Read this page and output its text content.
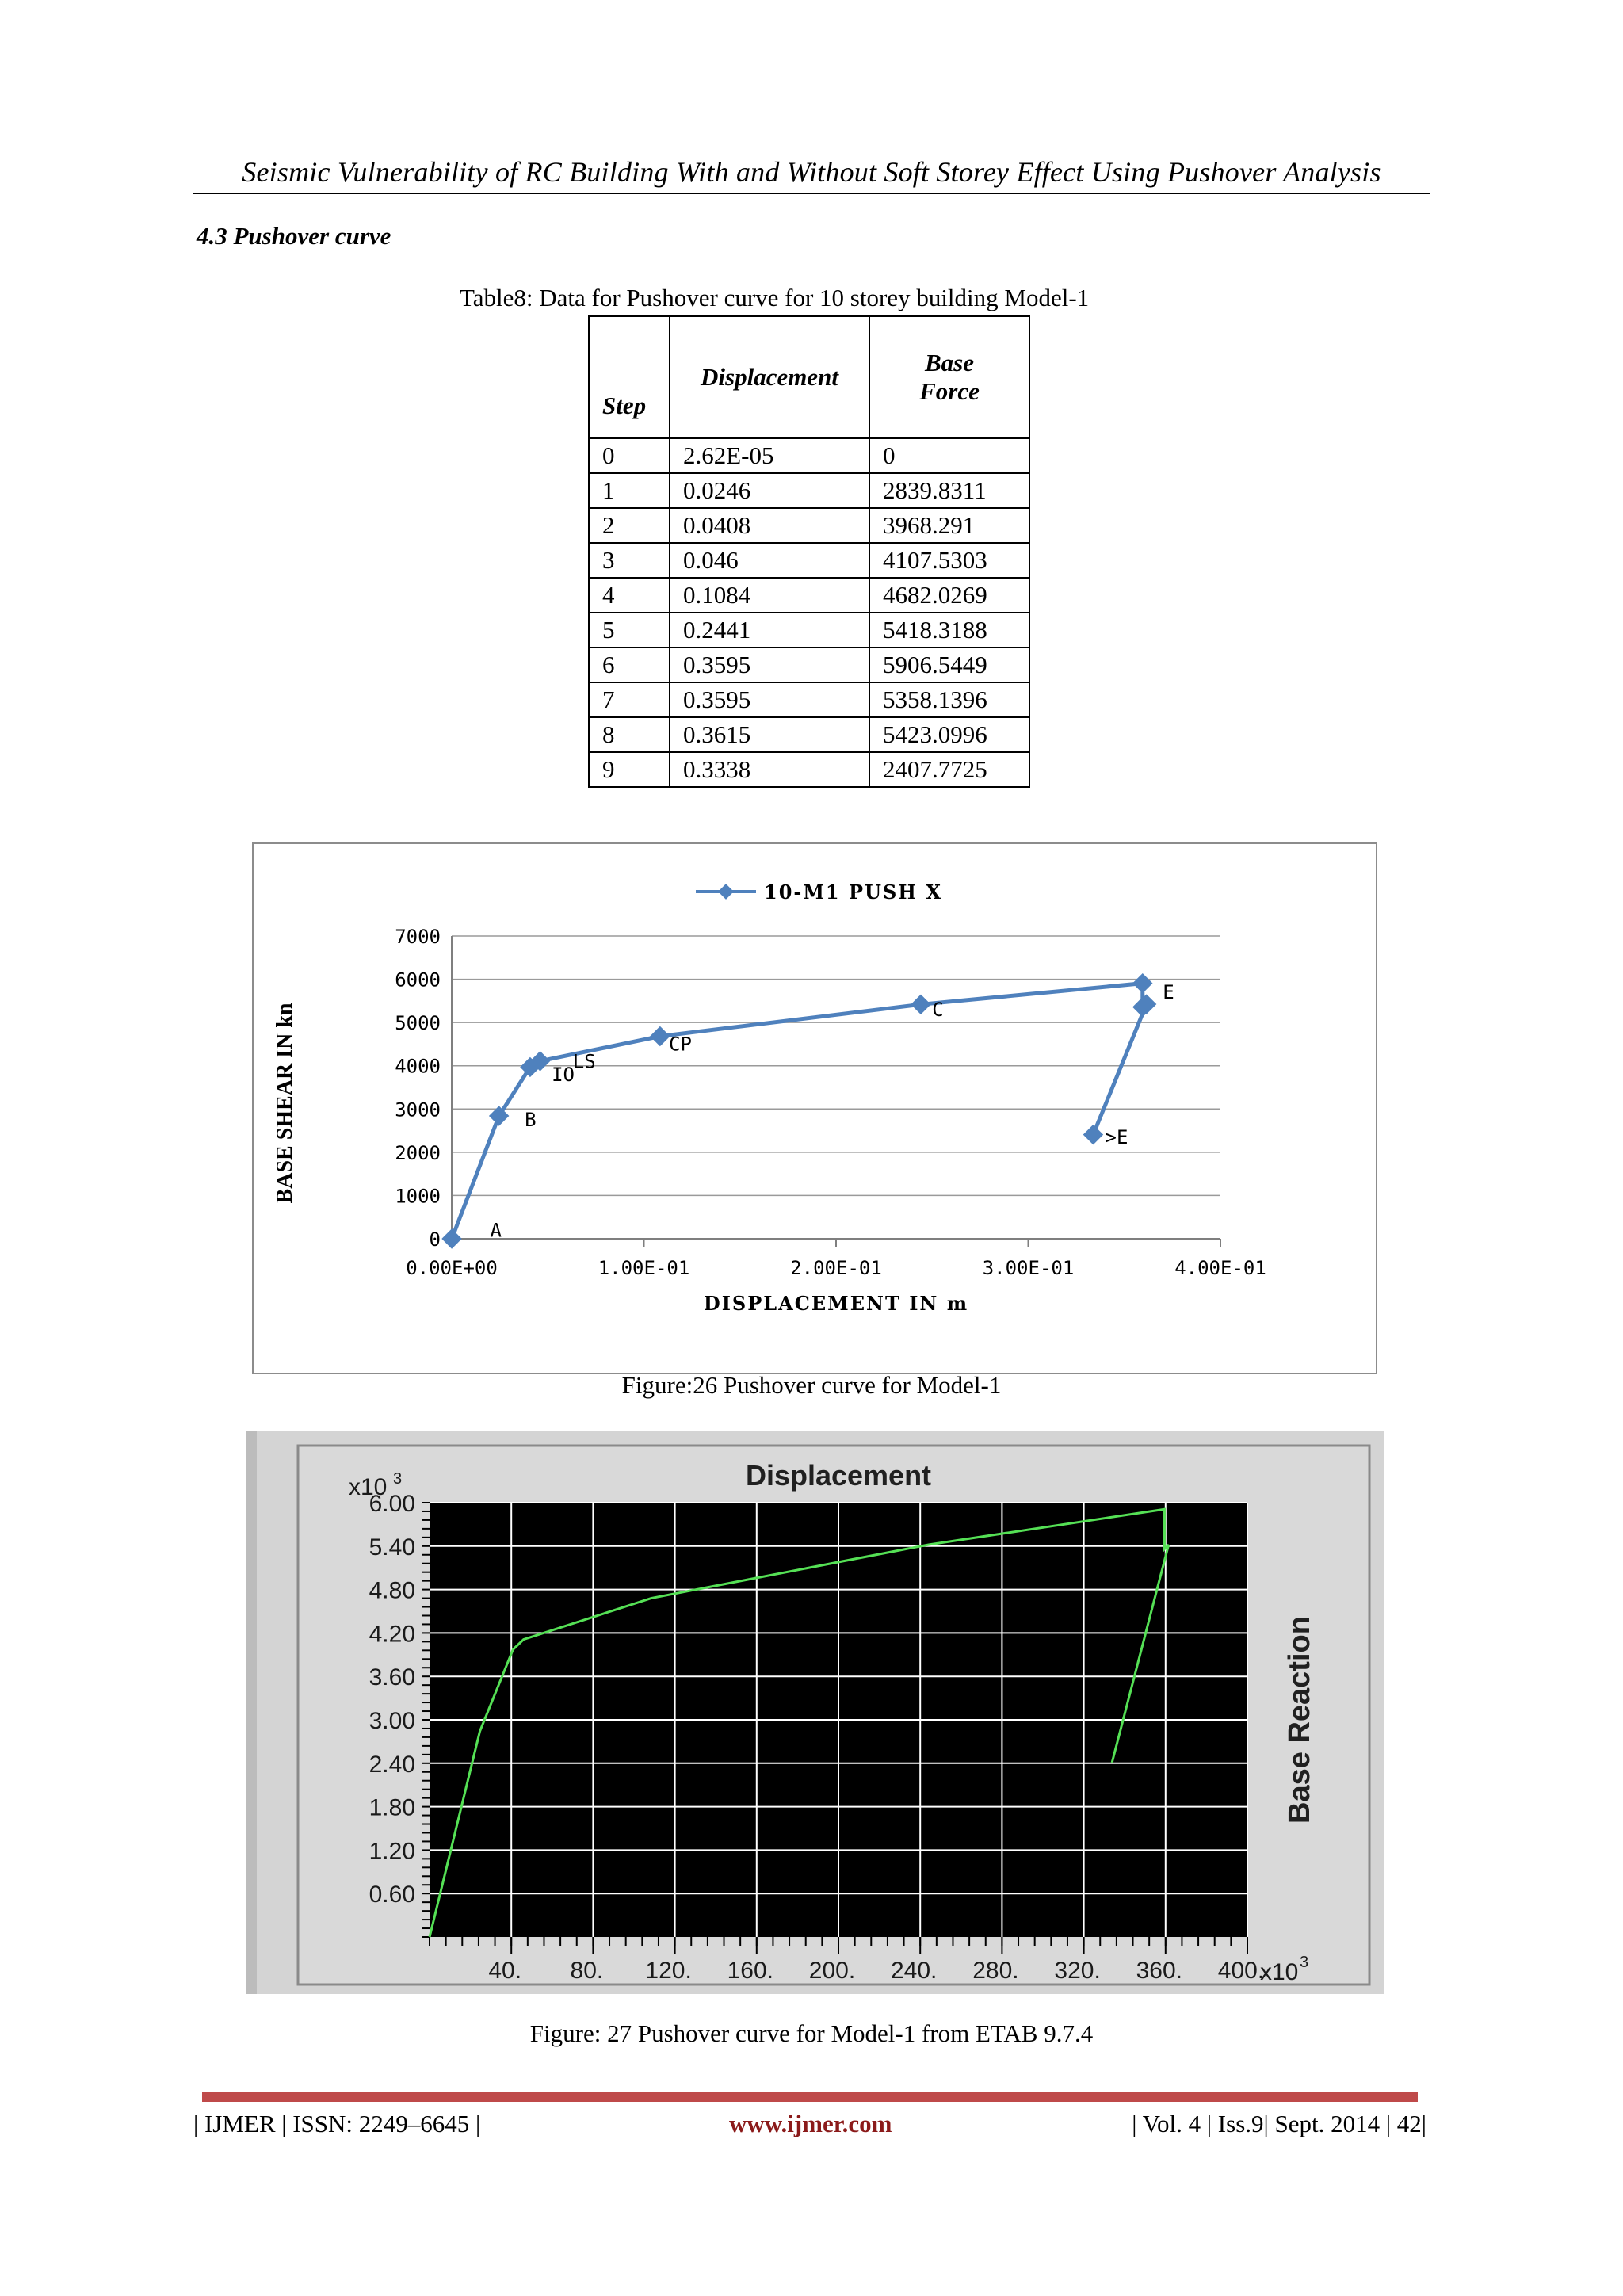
Seismic Vulnerability of RC Building With and Without Soft Storey Effect Using Pushover Analysis
4.3 Pushover curve
Table8: Data for Pushover curve for 10 storey building Model-1
Step	Displacement	Base
Force
0	2.62E-05	0
1	0.0246	2839.8311
2	0.0408	3968.291
3	0.046	4107.5303
4	0.1084	4682.0269
5	0.2441	5418.3188
6	0.3595	5906.5449
7	0.3595	5358.1396
8	0.3615	5423.0996
9	0.3338	2407.7725
10-M1 PUSH X
0
1000
2000
3000
4000
5000
6000
7000
0.00E+00	1.00E-01	2.00E-01	3.00E-01	4.00E-01
DISPLACEMENT IN m
BASE SHEAR IN kn
A
B
IO
LS
CP
C
E
>E
Figure:26 Pushover curve for Model-1
Displacement
0.60
1.20
1.80
2.40
3.00
3.60
4.20
4.80
5.40
6.00
x10 3
40. 80. 120. 160. 200. 240. 280. 320. 360. 400.
x10 3
Base Reaction
Figure: 27 Pushover curve for Model-1 from ETAB 9.7.4
| IJMER | ISSN: 2249–6645 |	www.ijmer.com	| Vol. 4 | Iss.9| Sept. 2014 | 42|
